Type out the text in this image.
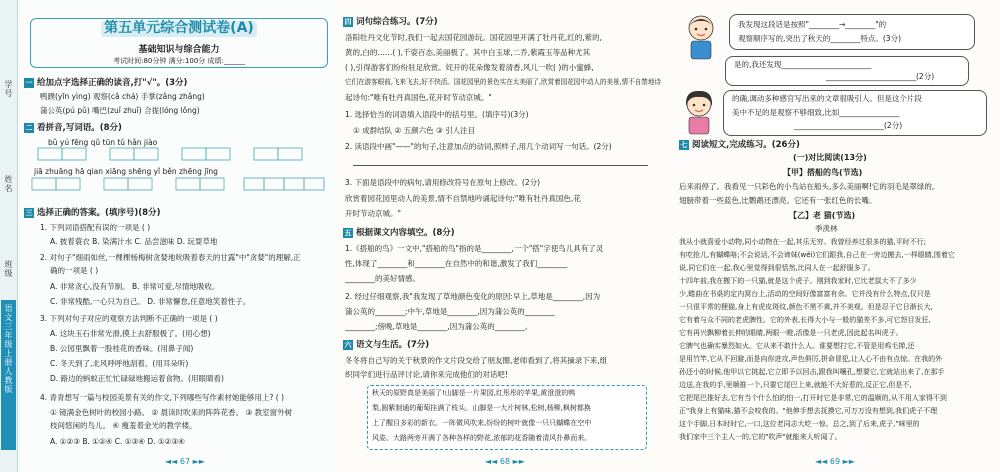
学号
姓名
班级
语文三年级 上册 人教版
第五单元综合测试卷(A)
基础知识与综合能力
考试时间:80分钟 满分:100分 成绩:______
一 给加点字选择正确的读音,打"√"。(3分)
鸭蹼(yīn yìng) 观察(cǎ chá) 手掌(zǎng zhǎng)
蒲公英(pú pǔ) 嘴巴(zuǐ zhuǐ) 合拢(lóng lǒng)
二 看拼音,写词语。(8分)
bǔ yú fēng qǔ tūn tǔ hǎn jiào
jiā zhuāng hā qian xiāng shēng yǐ běn zhēng jīng
三 选择正确的答案。(填序号)(8分)
1. 下列词语搭配有误的一项是 ( )
A. 披着蓑衣 B. 染满汁水 C. 品尝滋味 D. 玩耍草地
2. 对句子"细雨如丝,一棵棵杨梅树贪婪地吮吸着春天的甘露"中"贪婪"的理解,正
确的一项是 ( )
A. 非常贪心,没有节制。 B. 非常可爱,尽情地吸收。
C. 非常残酷,一心只为自己。 D. 非常懈怠,任意地笑着性子。
3. 下列对句子对应的观察方法判断不正确的一项是 ( )
A. 这块玉石非常光滑,摸上去舒服极了。(用心想)
B. 公园里飘着一股桂花的香味。(用鼻子闻)
C. 冬天到了,北风呼呼地刮着。(用耳朵听)
D. 路边的蚂蚁正忙忙碌碌地搬运着食物。(用眼睛看)
4. 青青想写一篇与校园美景有关的作文,下列哪些写作素材她能够用上? ( )
① 镜满金色树叶的校园小路。 ② 晨读时吹来的阵阵花香。 ③ 教室窗外树
枝间悠闲的鸟儿。 ④ 瘦羞着金光的教学楼。
A. ①②③ B. ①②④ C. ①③④ D. ①②③④
◄◄ 67 ►►
四 词句综合练习。(7分)
洛阳牡丹文化节时,我们一起去国花园游玩。国花园里开满了牡丹花,红的,紫的,
黄的,白的……( ),千姿百态,美丽极了。其中白玉球,二乔,紫霞玉等品种尤其
( ),引得游客们纷纷驻足欣赏。姹开的花朵像发着清香,风儿一吹( )的小蜜蜂,
它们在游客眼前,飞来飞去,好不快活。国花园里的景色实在太美丽了,欣赏着园花园中动人的美景,情不自禁地诗
起诗句:"唯有牡丹真国色,花开时节动京城。"
1. 选择恰当的词语填入语段中的括号里。(填序号)(3分)
① 成群结队 ② 五颜六色 ③ 引人注目
2. 读语段中画"——"的句子,注意加点的动词,照样子,用几个动词写一句话。(2分)
3. 下面是语段中的病句,请用修改符号在原句上修改。(2分)
欣赏着园花园里动人的美景,情不自禁地吟诵起诗句:"唯有牡丹真国色,花
开时节动京城。"
五 根据课文内容填空。(8分)
1.《搭船的鸟》一文中,"搭船的鸟"指的是________,一个"搭"字使鸟儿具有了灵
性,体现了________和________在自然中的和谐,激发了我们________
________的美好情感。
2. 经过仔细观察,我"我发现了草地颜色变化的原因:早上,草地是________,因为
蒲公英的________;中午,草地是________,因为蒲公英的________
________;傍晚,草地是________,因为蒲公英的________。
六 语文与生活。(7分)
冬冬将自己写的关于秋景的作文片段交给了朋友圈,老师看到了,将其摘录下来,组
织同学们进行品评讨论,请你来完成他们的对话吧!
秋天的原野真是美丽了!山脚是一片果园,红彤彤的苹果,黄澄澄的鸭
梨,圆紫制通的葡萄挂满了枝头。山脚是一大片树林,松树,杨柳,枫树都换
上了醒目多彩的新衣。一阵微风吹来,纷纷的树叶就像一只只蝴蝶在空中
风姿。大路两旁开满了各种各样的野花,浓郁的花香随着清风扑鼻而来。
◄◄ 68 ►►
我发现这段话是按照"________→________"的
观察顺序写的,突出了秋天的________特点。(3分)
是的,我还发现________________________
________________________(2分)
的确,调动多种感官写出来的文章很吸引人。但是这个片段
美中不足的是观察不够细致,比如________________
________________________(2分)
七 阅读短文,完成练习。(26分)
(一)对比阅读(13分)
【甲】搭船的鸟(节选)
后来雨停了。我看见一只彩色的小鸟站在船头,多么美丽啊!它的羽毛是翠绿的,
翅膀带着一些蓝色,比鹦鹉还漂亮。它还有一张红色的长嘴。
【乙】老 猫(节选)
季羡林
我从小就喜爱小动物,同小动物在一起,其乐无穷。我曾经养过很多的猫,平时不行;
有吃抢儿,有蝴蝶咯;不会说话,不会谛妹(wěi)它们跟我,自己在一旁边搬去,一样眼睛,围着它
说,同它们在一起,我心里觉得到很恬然,比同人在一起舒服多了。
十四年前,我在搬下的一只猫,就是这个虎子。刚到我家时,它比老鼠大不了多少
少,蜷曲在书桌的定内窝台上,活动的空间好像富富有余。它并没有什么特点,仅只是
一只很平常的狸猫,身上有虎皮斑纹,颜色不黑不黄,并不美观。但是忍于它日渐长大,
它有着与众不同的老虎脾性。它的外表,长得大小与一般的猫差不多,可它怒目发狂,
它有再兴飘柳着长伸的眼睛,两眼一瞪,活像是一只老虎,因此起名叫虎子。
它脾气也确实暴烈如火。它从来不敢什么人。谁要想打它,不管是用鸡毛掸,还
是用竹竿,它从不回避,而是向你进攻,声色俱厉,拼命冒犯,让人心不由有点惊。在我的外
孙还小的时候,他甲以它挑起,它立即予以回击,跟我叫嚷孔,想要它,它就站出来了,在那手
边送,在我的手,里顺推一个,只要它尾巴上来,就能不大好惹的,反正它,但是不,
它把尾巴推好去,它有当个什么怕的怕一,打开时它是非常,它的温顺的,从不用人家得不到
正"我身上有猫味,猫不会咬我的。"他伸手想去抚摸它,可万万没有想到,我们虎子不理
这个手脚,日本时时它,一口,这位老同志大吃一惊。总之,到了后来,虎子,"咪里的
我们家中三个主人一的,它的"吹声"就能来人听闻了。
◄◄ 69 ►►
